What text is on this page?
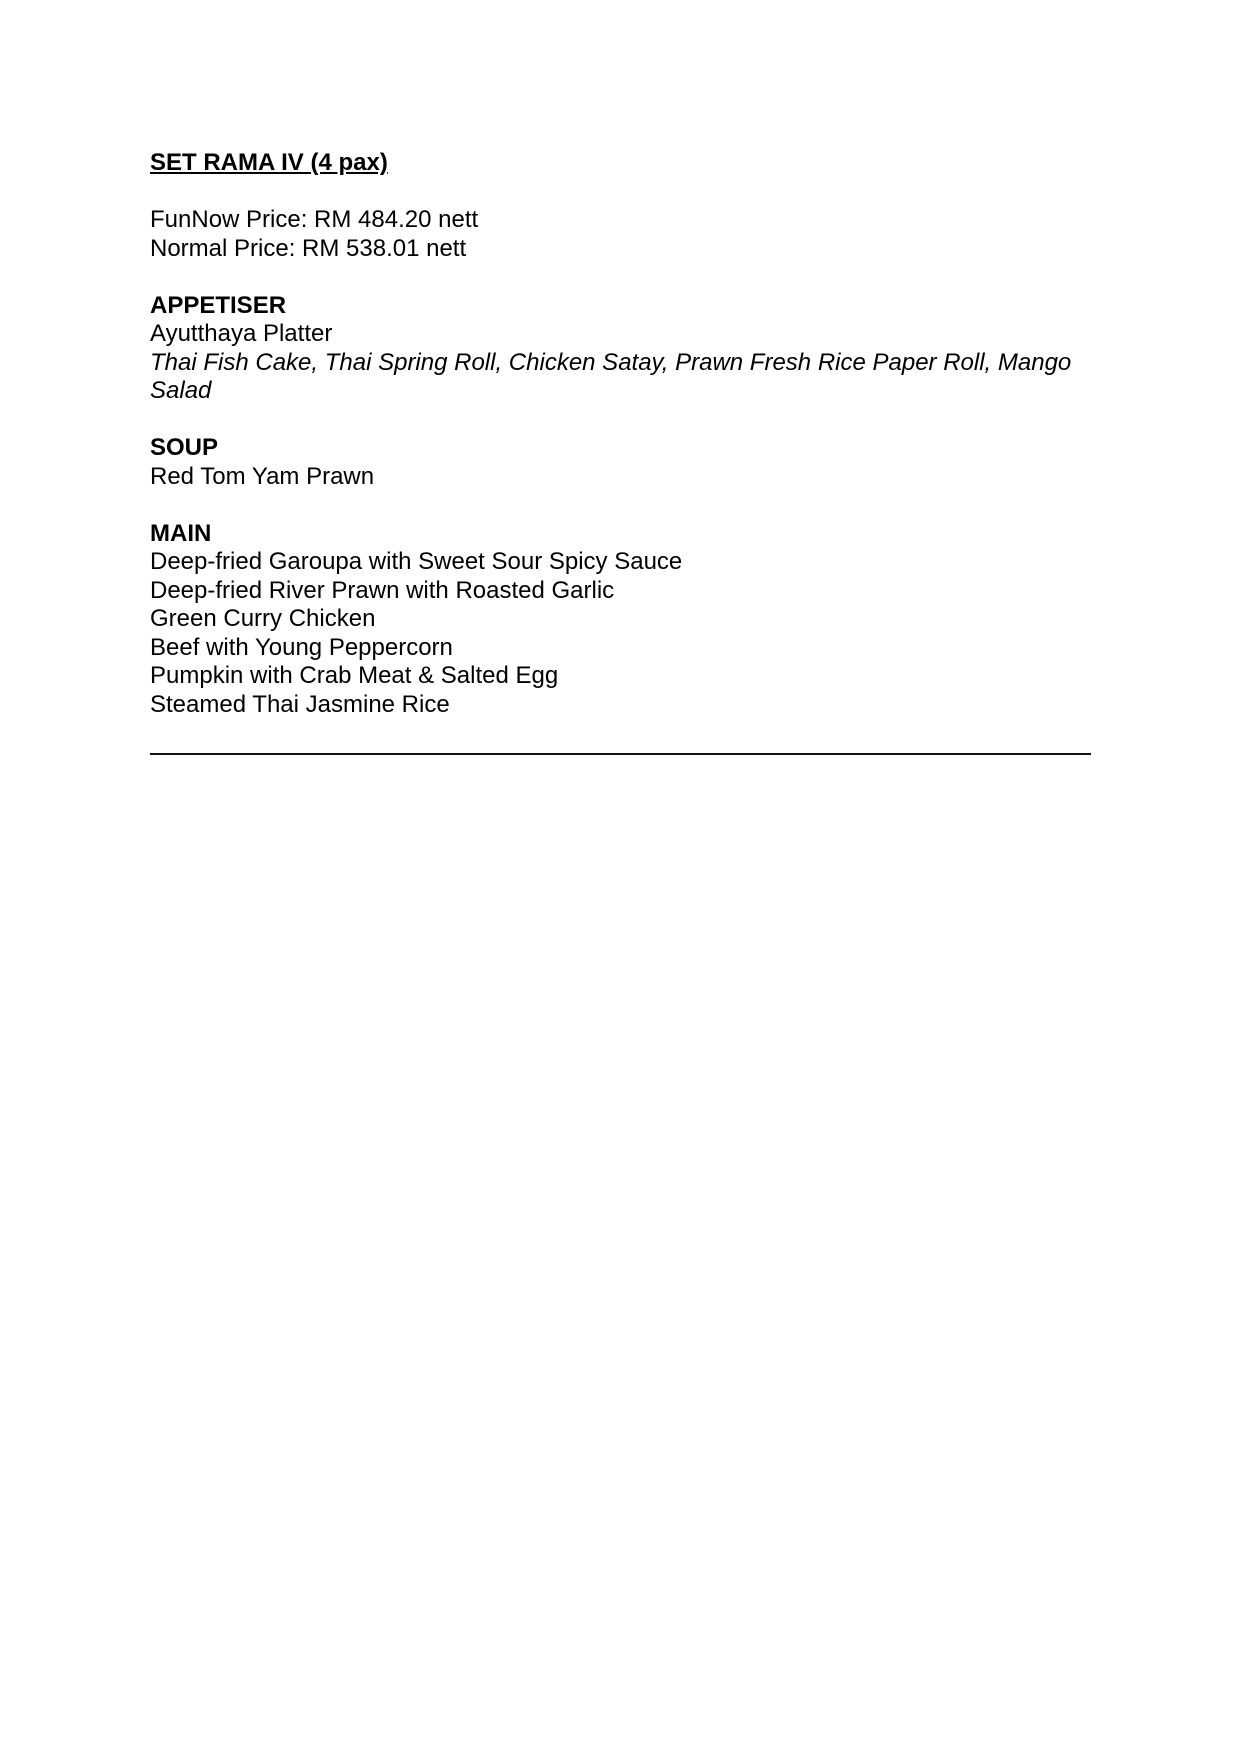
SET RAMA IV (4 pax)
FunNow Price: RM 484.20 nett
Normal Price: RM 538.01 nett
APPETISER
Ayutthaya Platter
Thai Fish Cake, Thai Spring Roll, Chicken Satay, Prawn Fresh Rice Paper Roll, Mango Salad
SOUP
Red Tom Yam Prawn
MAIN
Deep-fried Garoupa with Sweet Sour Spicy Sauce
Deep-fried River Prawn with Roasted Garlic
Green Curry Chicken
Beef with Young Peppercorn
Pumpkin with Crab Meat & Salted Egg
Steamed Thai Jasmine Rice
